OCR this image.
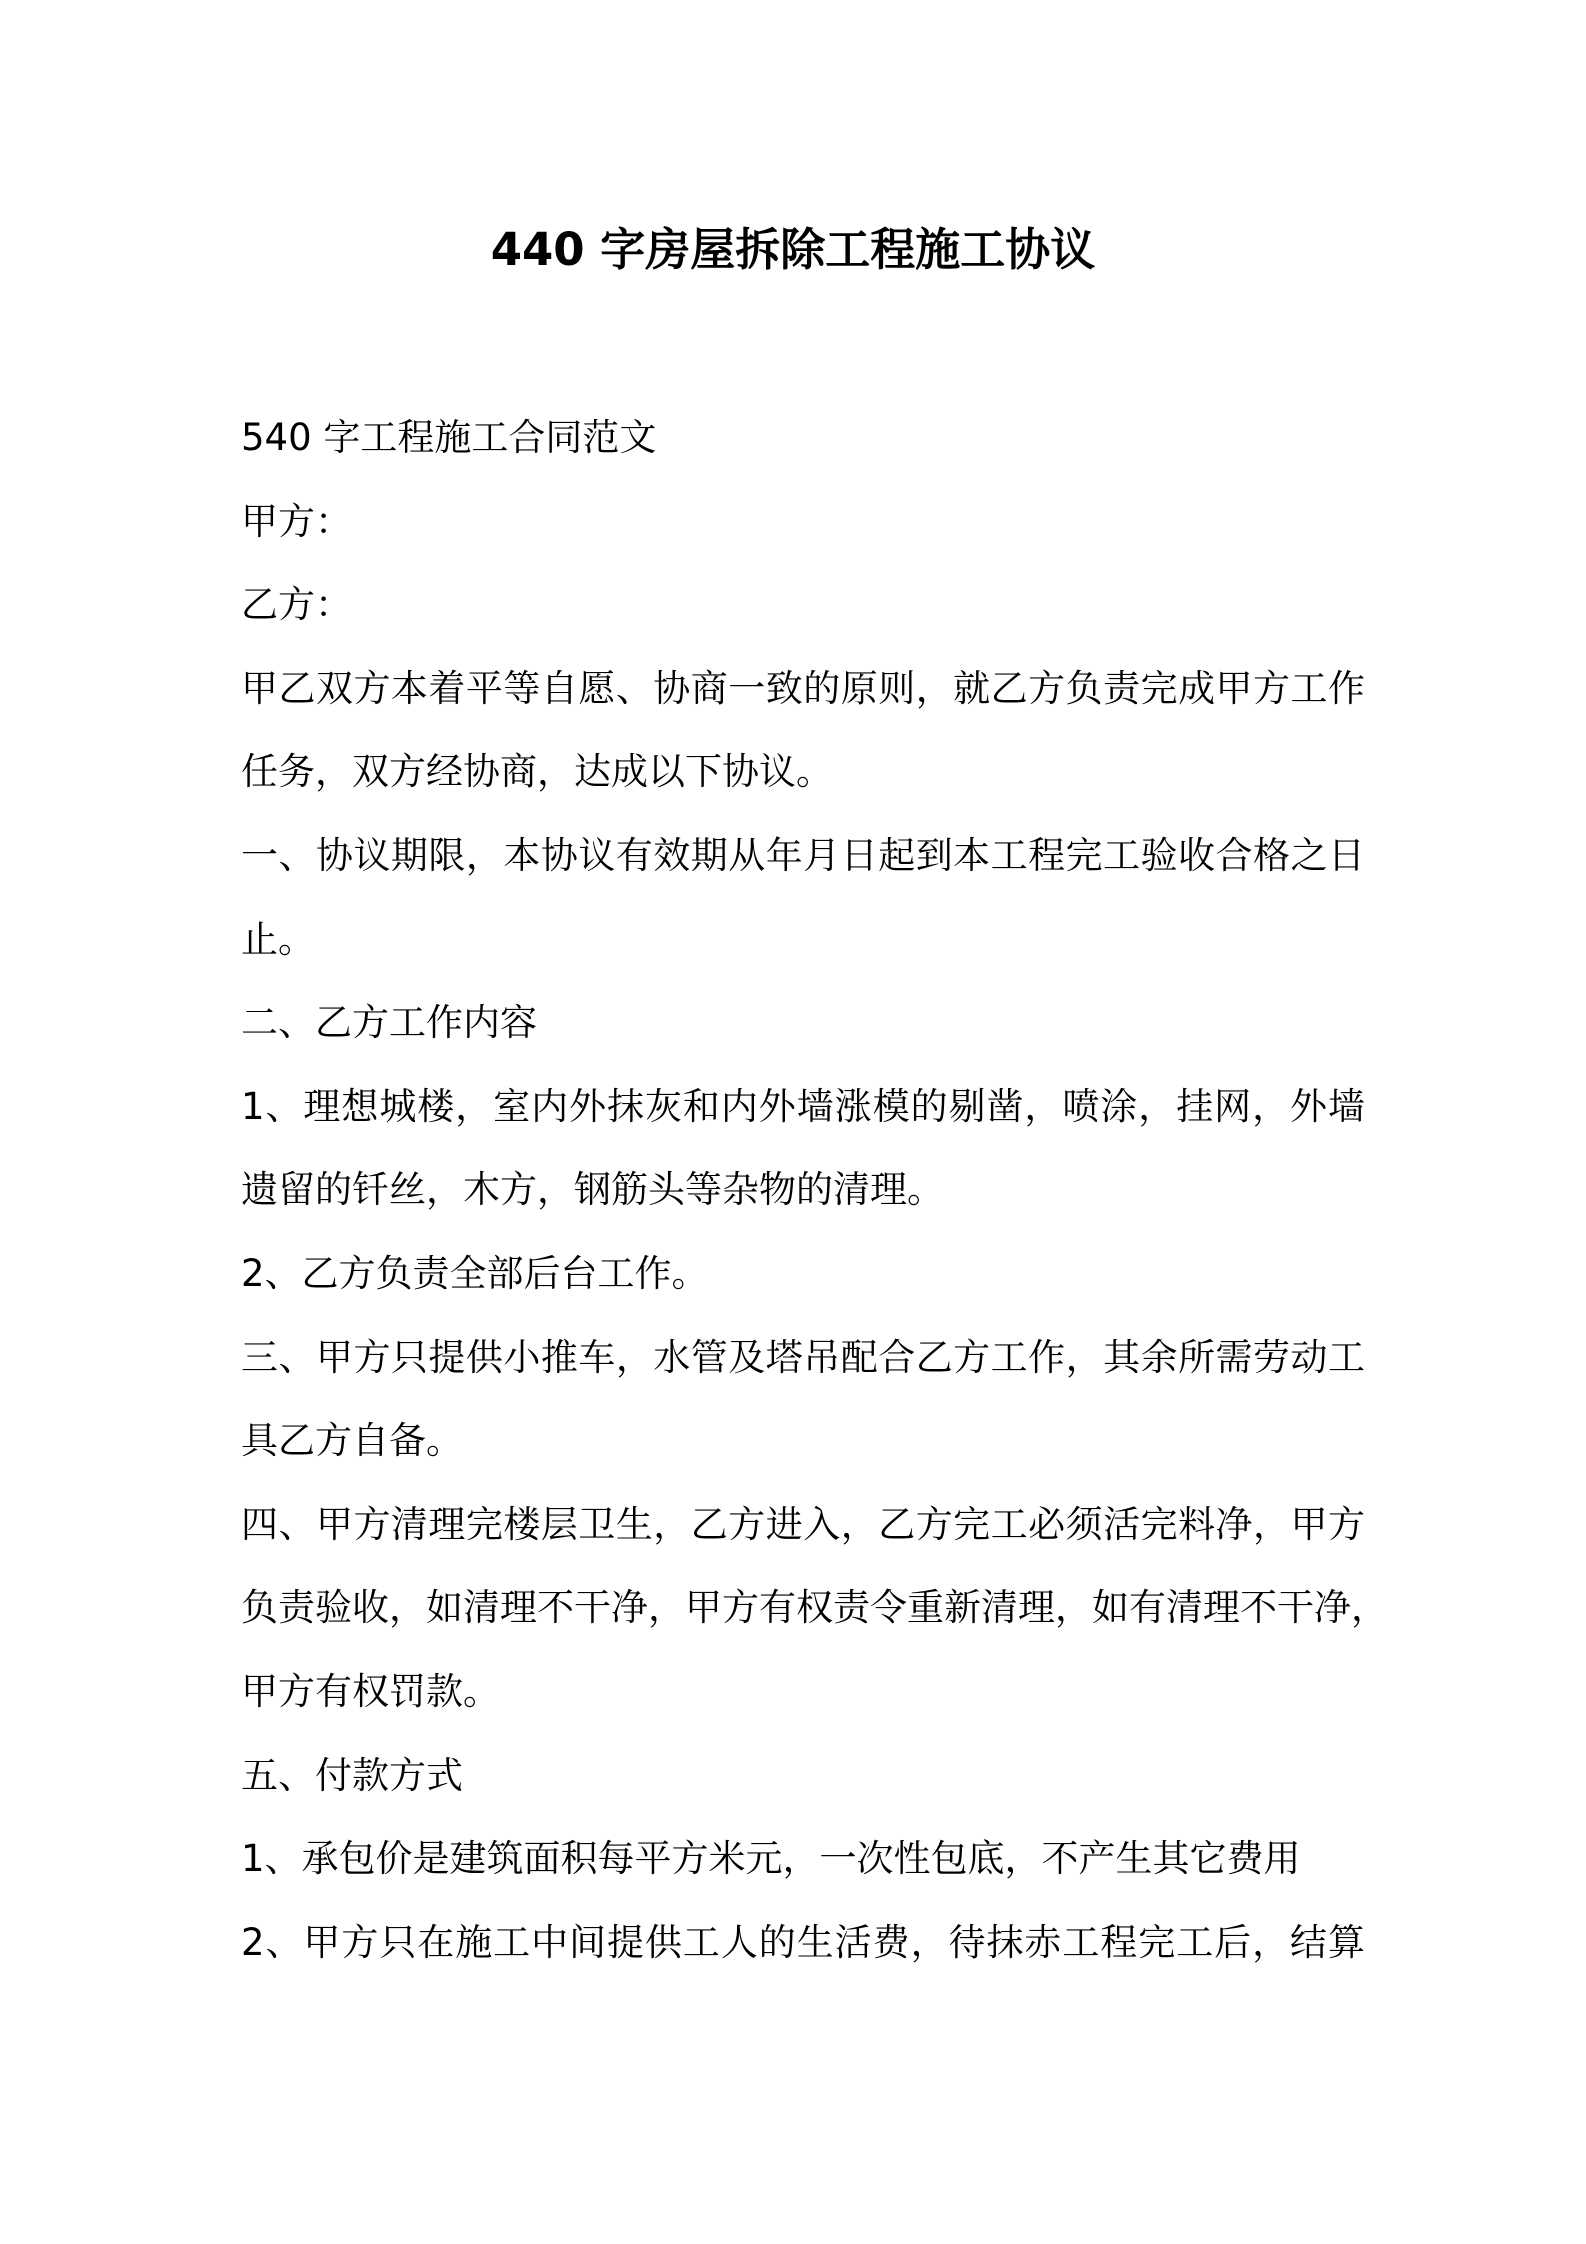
440 字房屋拆除工程施工协议

540 字工程施工合同范文

甲方：

乙方：

甲乙双方本着平等自愿、协商一致的原则，就乙方负责完成甲方工作

任务，双方经协商，达成以下协议。

一、协议期限，本协议有效期从年月日起到本工程完工验收合格之日

止。

二、乙方工作内容

1、理想城楼，室内外抹灰和内外墙涨模的剔凿，喷涂，挂网，外墙

遗留的钎丝，木方，钢筋头等杂物的清理。

2、乙方负责全部后台工作。

三、甲方只提供小推车，水管及塔吊配合乙方工作，其余所需劳动工

具乙方自备。

四、甲方清理完楼层卫生，乙方进入，乙方完工必须活完料净，甲方

负责验收，如清理不干净，甲方有权责令重新清理，如有清理不干净，

甲方有权罚款。

五、付款方式

1、承包价是建筑面积每平方米元，一次性包底，不产生其它费用

2、甲方只在施工中间提供工人的生活费，待抹赤工程完工后，结算
